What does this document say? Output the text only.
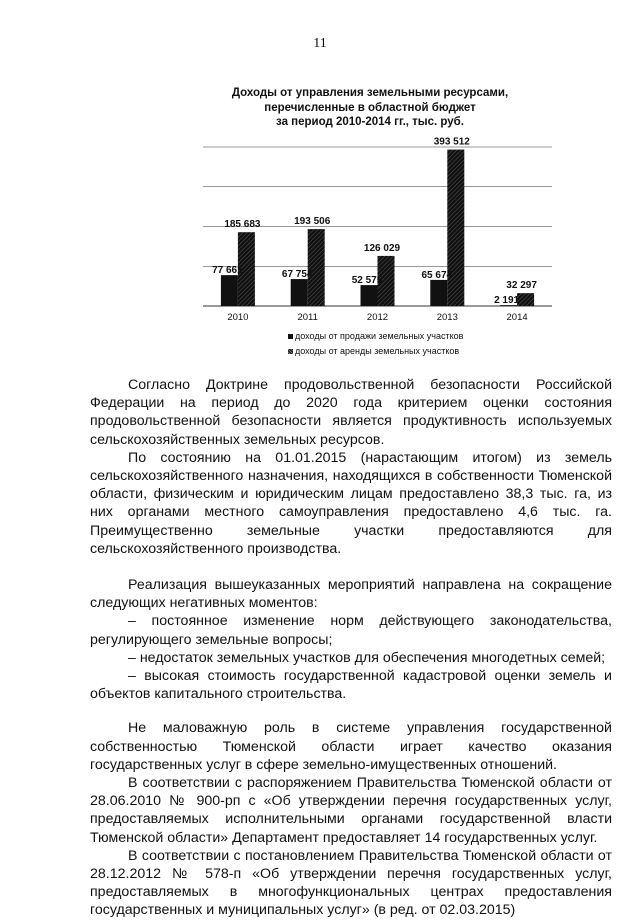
11
Доходы от управления земельными ресурсами,
перечисленные в областной бюджет
за период 2010-2014 гг., тыс. руб.
77 661
185 683
2010
67 754
193 506
2011
52 575
126 029
2012
65 674
393 512
2013
2 191
32 297
2014
доходы от продажи земельных участков
доходы от аренды земельных участков

Согласно Доктрине продовольственной безопасности Российской Федерации на период до 2020 года критерием оценки состояния продовольственной безопасности является продуктивность используемых сельскохозяйственных земельных ресурсов.

По состоянию на 01.01.2015 (нарастающим итогом) из земель сельскохозяйственного назначения, находящихся в собственности Тюменской области, физическим и юридическим лицам предоставлено 38,3 тыс. га, из них органами местного самоуправления предоставлено 4,6 тыс. га. Преимущественно земельные участки предоставляются для сельскохозяйственного производства.

Реализация вышеуказанных мероприятий направлена на сокращение следующих негативных моментов:

– постоянное изменение норм действующего законодательства, регулирующего земельные вопросы;

– недостаток земельных участков для обеспечения многодетных семей;

– высокая стоимость государственной кадастровой оценки земель и объектов капитального строительства.

Не маловажную роль в системе управления государственной собственностью Тюменской области играет качество оказания государственных услуг в сфере земельно-имущественных отношений.

В соответствии с распоряжением Правительства Тюменской области от 28.06.2010 № 900-рп с «Об утверждении перечня государственных услуг, предоставляемых исполнительными органами государственной власти Тюменской области» Департамент предоставляет 14 государственных услуг.

В соответствии с постановлением Правительства Тюменской области от 28.12.2012 № 578-п «Об утверждении перечня государственных услуг, предоставляемых в многофункциональных центрах предоставления государственных и муниципальных услуг» (в ред. от 02.03.2015)
